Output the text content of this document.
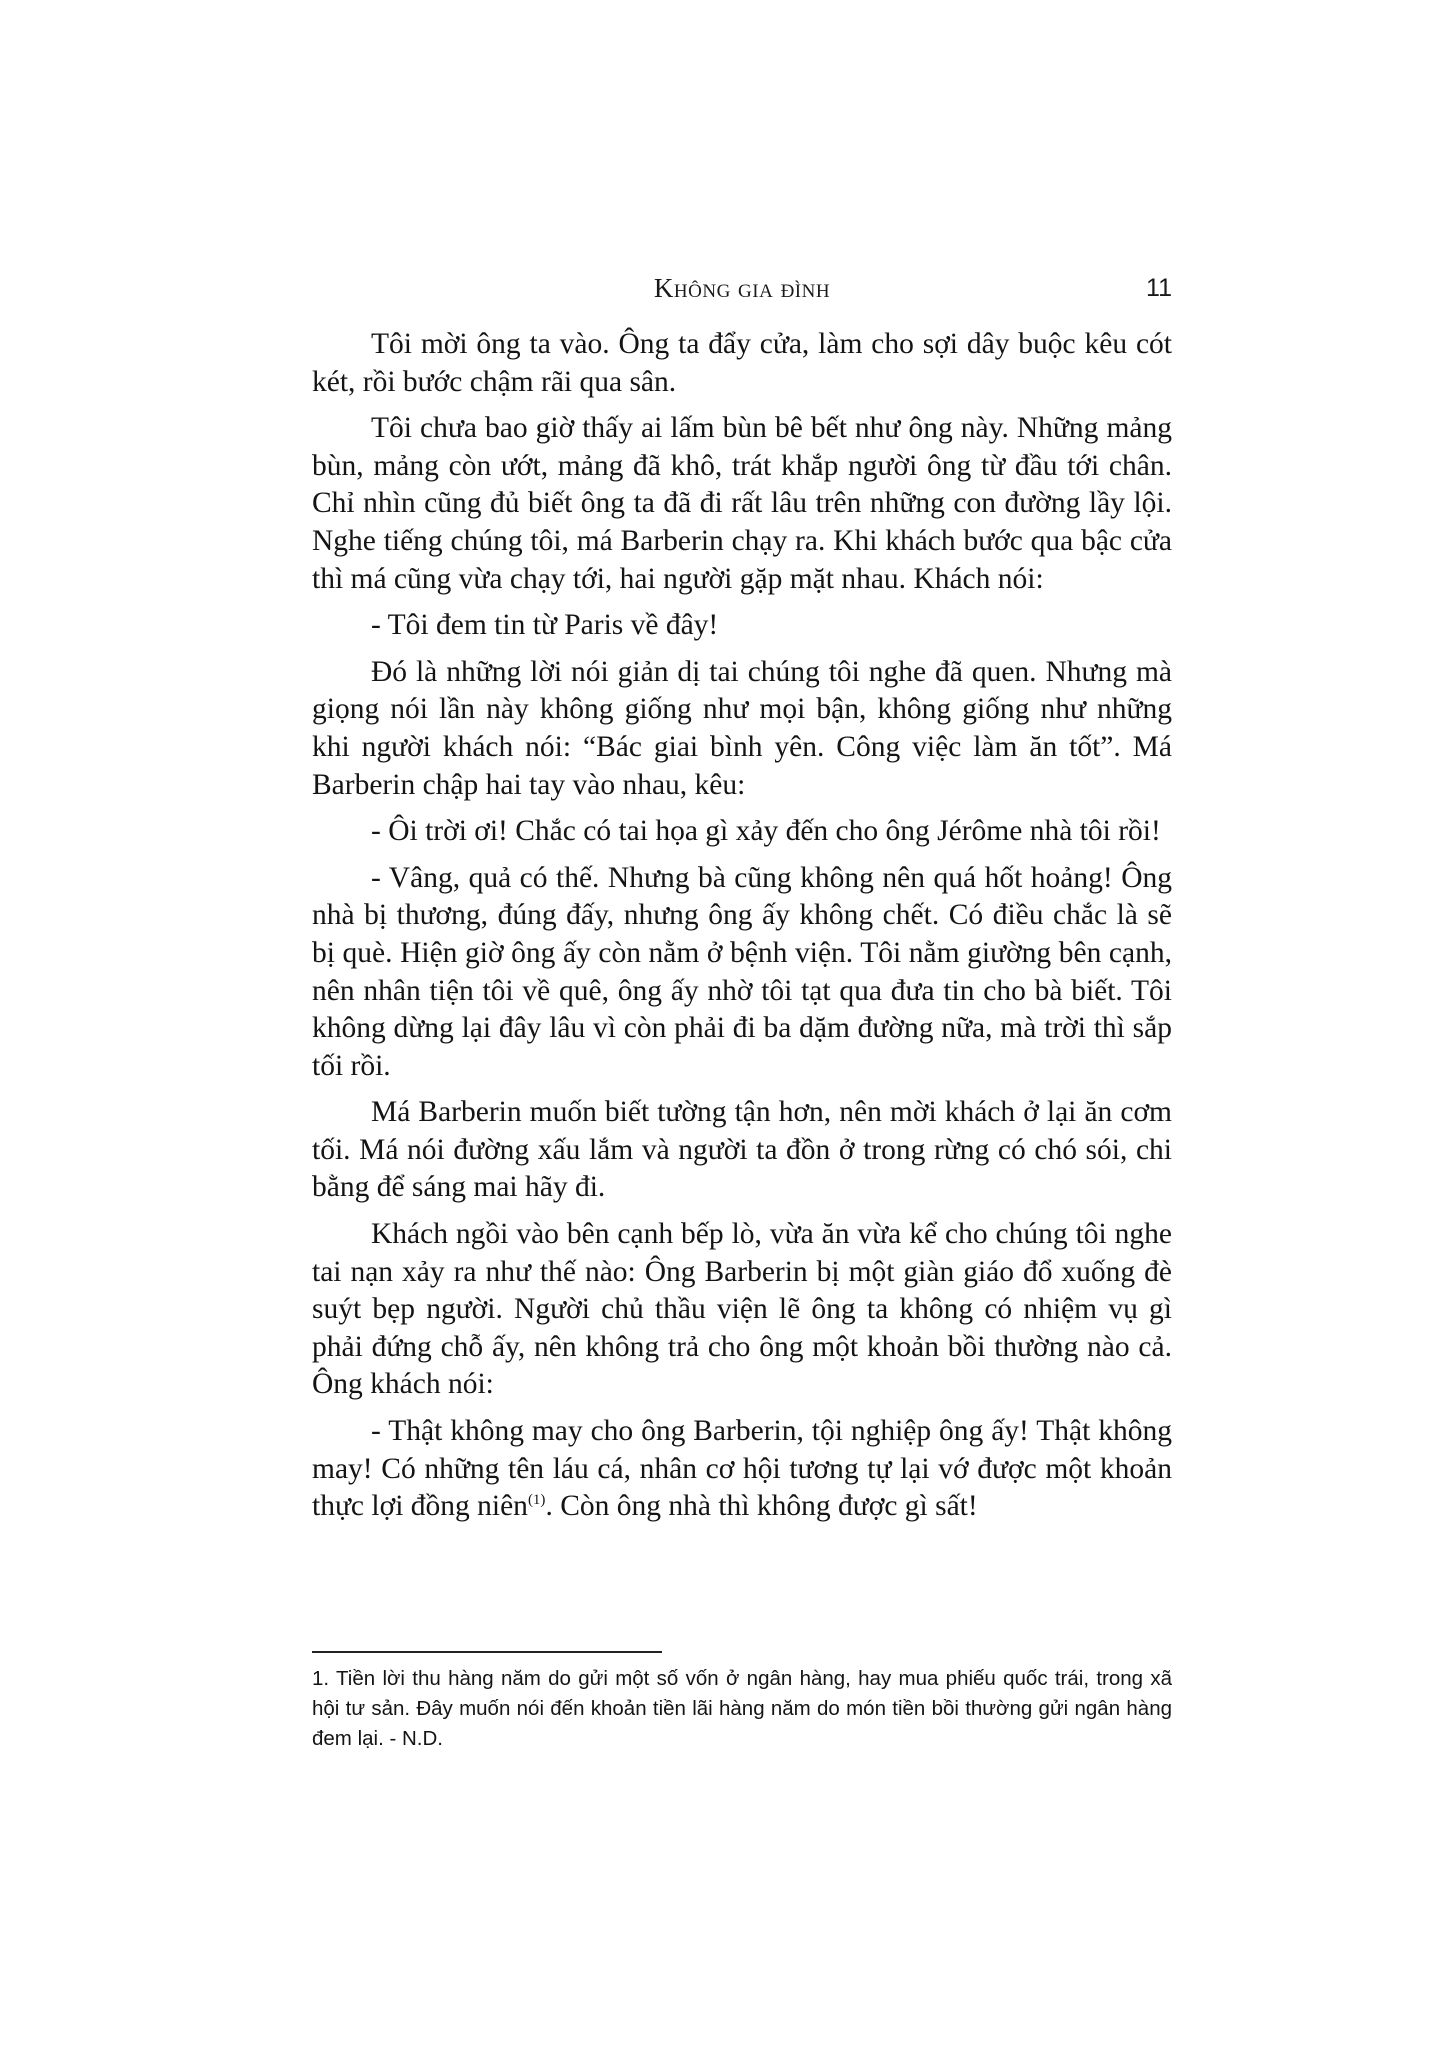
Không gia đình	11

Tôi mời ông ta vào. Ông ta đẩy cửa, làm cho sợi dây buộc kêu cót két, rồi bước chậm rãi qua sân.

Tôi chưa bao giờ thấy ai lấm bùn bê bết như ông này. Những mảng bùn, mảng còn ướt, mảng đã khô, trát khắp người ông từ đầu tới chân. Chỉ nhìn cũng đủ biết ông ta đã đi rất lâu trên những con đường lầy lội. Nghe tiếng chúng tôi, má Barberin chạy ra. Khi khách bước qua bậc cửa thì má cũng vừa chạy tới, hai người gặp mặt nhau. Khách nói:

- Tôi đem tin từ Paris về đây!

Đó là những lời nói giản dị tai chúng tôi nghe đã quen. Nhưng mà giọng nói lần này không giống như mọi bận, không giống như những khi người khách nói: “Bác giai bình yên. Công việc làm ăn tốt”. Má Barberin chập hai tay vào nhau, kêu:

- Ôi trời ơi! Chắc có tai họa gì xảy đến cho ông Jérôme nhà tôi rồi!

- Vâng, quả có thế. Nhưng bà cũng không nên quá hốt hoảng! Ông nhà bị thương, đúng đấy, nhưng ông ấy không chết. Có điều chắc là sẽ bị què. Hiện giờ ông ấy còn nằm ở bệnh viện. Tôi nằm giường bên cạnh, nên nhân tiện tôi về quê, ông ấy nhờ tôi tạt qua đưa tin cho bà biết. Tôi không dừng lại đây lâu vì còn phải đi ba dặm đường nữa, mà trời thì sắp tối rồi.

Má Barberin muốn biết tường tận hơn, nên mời khách ở lại ăn cơm tối. Má nói đường xấu lắm và người ta đồn ở trong rừng có chó sói, chi bằng để sáng mai hãy đi.

Khách ngồi vào bên cạnh bếp lò, vừa ăn vừa kể cho chúng tôi nghe tai nạn xảy ra như thế nào: Ông Barberin bị một giàn giáo đổ xuống đè suýt bẹp người. Người chủ thầu viện lẽ ông ta không có nhiệm vụ gì phải đứng chỗ ấy, nên không trả cho ông một khoản bồi thường nào cả. Ông khách nói:

- Thật không may cho ông Barberin, tội nghiệp ông ấy! Thật không may! Có những tên láu cá, nhân cơ hội tương tự lại vớ được một khoản thực lợi đồng niên$^{(1)}$. Còn ông nhà thì không được gì sất!

1. Tiền lời thu hàng năm do gửi một số vốn ở ngân hàng, hay mua phiếu quốc trái, trong xã hội tư sản. Đây muốn nói đến khoản tiền lãi hàng năm do món tiền bồi thường gửi ngân hàng đem lại. - N.D.
